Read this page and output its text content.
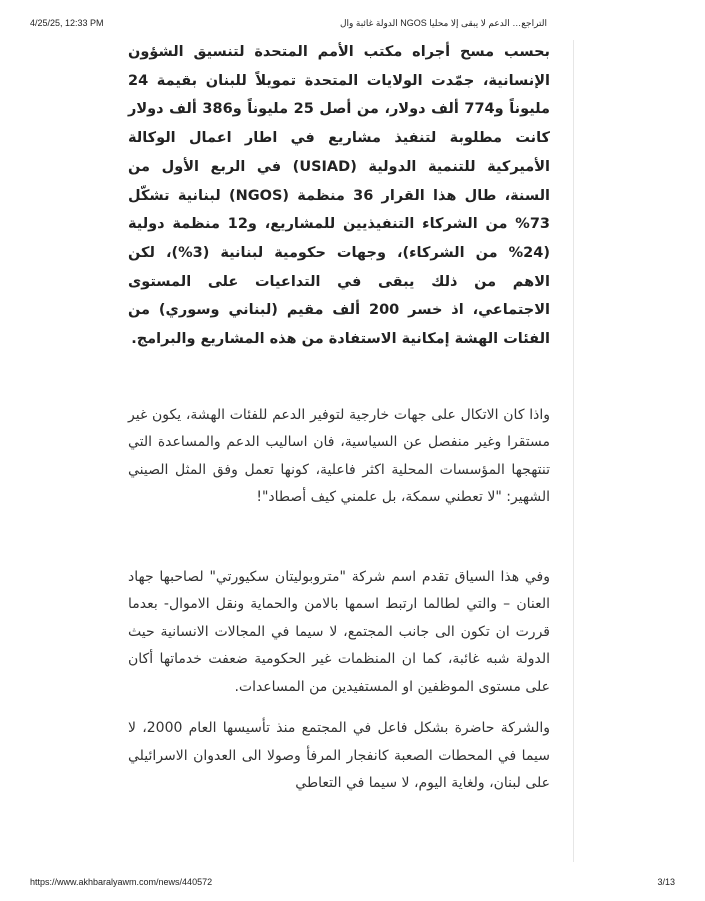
4/25/25, 12:33 PM	التراجع… الدعم لا يبقى إلا محليا NGOS الدولة غائبة وال

بحسب مسح أجراه مكتب الأمم المتحدة لتنسيق الشؤون الإنسانية، جمّدت الولايات المتحدة تمويلاً للبنان بقيمة 24 مليوناً و774 ألف دولار، من أصل 25 مليوناً و386 ألف دولار كانت مطلوبة لتنفيذ مشاريع في اطار اعمال الوكالة الأميركية للتنمية الدولية (USIAD) في الربع الأول من السنة، طال هذا القرار 36 منظمة (NGOS) لبنانية تشكّل 73% من الشركاء التنفيذيين للمشاريع، و12 منظمة دولية (24% من الشركاء)، وجهات حكومية لبنانية (3%)، لكن الاهم من ذلك يبقى في التداعيات على المستوى الاجتماعي، اذ خسر 200 ألف مقيم (لبناني وسوري) من الفئات الهشة إمكانية الاستفادة من هذه المشاريع والبرامج.

واذا كان الاتكال على جهات خارجية لتوفير الدعم للفئات الهشة، يكون غير مستقرا وغير منفصل عن السياسية، فان اساليب الدعم والمساعدة التي تنتهجها المؤسسات المحلية اكثر فاعلية، كونها تعمل وفق المثل الصيني الشهير: "لا تعطني سمكة، بل علمني كيف أصطاد"!

وفي هذا السياق تقدم اسم شركة "متروبوليتان سكيورتي" لصاحبها جهاد العنان – والتي لطالما ارتبط اسمها بالامن والحماية ونقل الاموال- بعدما قررت ان تكون الى جانب المجتمع، لا سيما في المجالات الانسانية حيث الدولة شبه غائبة، كما ان المنظمات غير الحكومية ضعفت خدماتها أكان على مستوى الموظفين او المستفيدين من المساعدات.

والشركة حاضرة بشكل فاعل في المجتمع منذ تأسيسها العام 2000، لا سيما في المحطات الصعبة كانفجار المرفأ وصولا الى العدوان الاسرائيلي على لبنان، ولغاية اليوم، لا سيما في التعاطي

https://www.akhbaralyawm.com/news/440572	3/13
